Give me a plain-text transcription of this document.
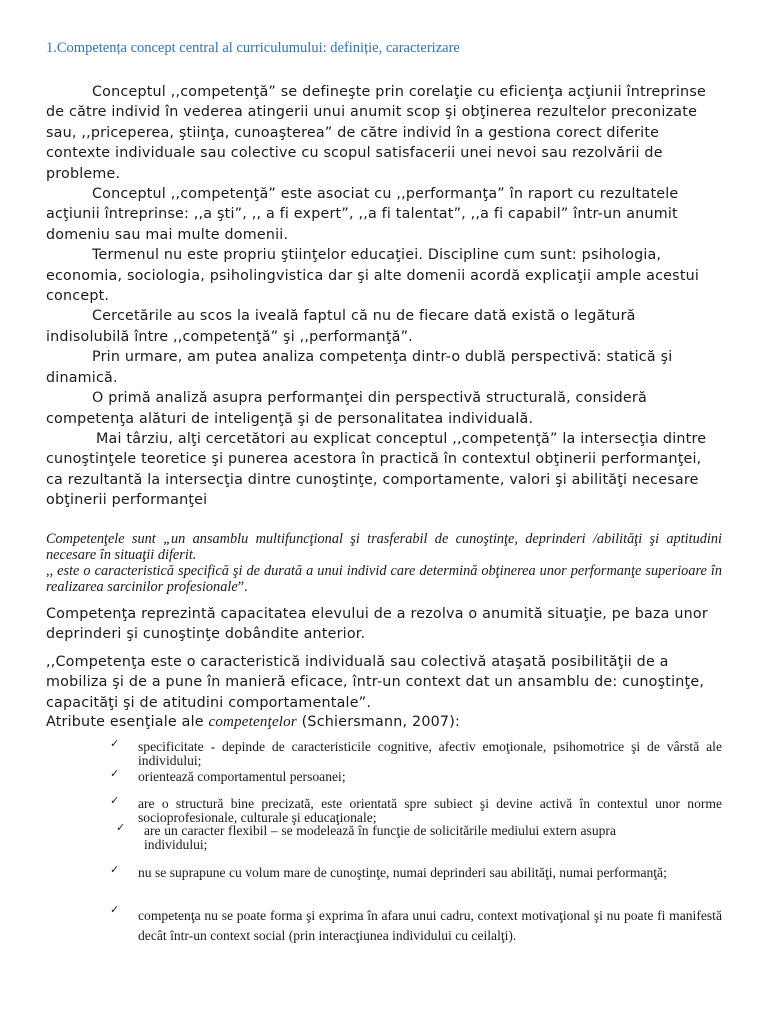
1.Competența concept central al curriculumului: definiție, caracterizare

Conceptul ,,competenţă” se defineşte prin corelaţie cu eficienţa acţiunii întreprinse de către individ în vederea atingerii unui anumit scop şi obţinerea rezultelor preconizate sau, ,,priceperea, ştiinţa, cunoaşterea” de către individ în a gestiona corect diferite contexte individuale sau colective cu scopul satisfacerii unei nevoi sau rezolvării de probleme.

Conceptul ,,competenţă” este asociat cu ,,performanţa” în raport cu rezultatele acţiunii întreprinse: ,,a şti”, ,, a fi expert”, ,,a fi talentat”, ,,a fi capabil” într-un anumit domeniu sau mai multe domenii.

Termenul nu este propriu ştiinţelor educaţiei. Discipline cum sunt: psihologia, economia, sociologia, psiholingvistica dar şi alte domenii acordă explicaţii ample acestui concept.

Cercetările au scos la iveală faptul că nu de fiecare dată există o legătură indisolubilă între ,,competenţă” şi ,,performanţă”.

Prin urmare, am putea analiza competenţa dintr-o dublă perspectivă: statică şi dinamică.

O primă analiză asupra performanţei din perspectivă structurală, consideră competenţa alături de inteligenţă şi de personalitatea individuală.

Mai târziu, alţi cercetători au explicat conceptul ,,competenţă” la intersecţia dintre cunoştinţele teoretice şi punerea acestora în practică în contextul obţinerii performanţei, ca rezultantă la intersecţia dintre cunoştinţe, comportamente, valori şi abilităţi necesare obţinerii performanţei

Competenţele sunt „un ansamblu multifuncţional şi trasferabil de cunoştinţe, deprinderi /abilităţi şi aptitudini necesare în situaţii diferit.

,, este o caracteristică specifică şi de durată a unui individ care determină obţinerea unor performanţe superioare în realizarea sarcinilor profesionale”.

Competenţa reprezintă capacitatea elevului de a rezolva o anumită situaţie, pe baza unor deprinderi şi cunoştinţe dobândite anterior.

,,Competenţa este o caracteristică individuală sau colectivă ataşată posibilităţii de a mobiliza şi de a pune în manieră eficace, într-un context dat un ansamblu de: cunoştinţe, capacităţi şi de atitudini comportamentale”.

Atribute esenţiale ale competenţelor (Schiersmann, 2007):
✓ specificitate - depinde de caracteristicile cognitive, afectiv emoţionale, psihomotrice şi de vârstă ale individului;
✓ orientează comportamentul persoanei;
✓ are o structură bine precizată, este orientată spre subiect şi devine activă în contextul unor norme socioprofesionale, culturale şi educaţionale;
✓ are un caracter flexibil – se modelează în funcţie de solicitările mediului extern asupra individului;
✓ nu se suprapune cu volum mare de cunoştinţe, numai deprinderi sau abilităţi, numai performanţă;
✓ competenţa nu se poate forma şi exprima în afara unui cadru, context motivaţional şi nu poate fi manifestă decât într-un context social (prin interacţiunea individului cu ceilalţi).
